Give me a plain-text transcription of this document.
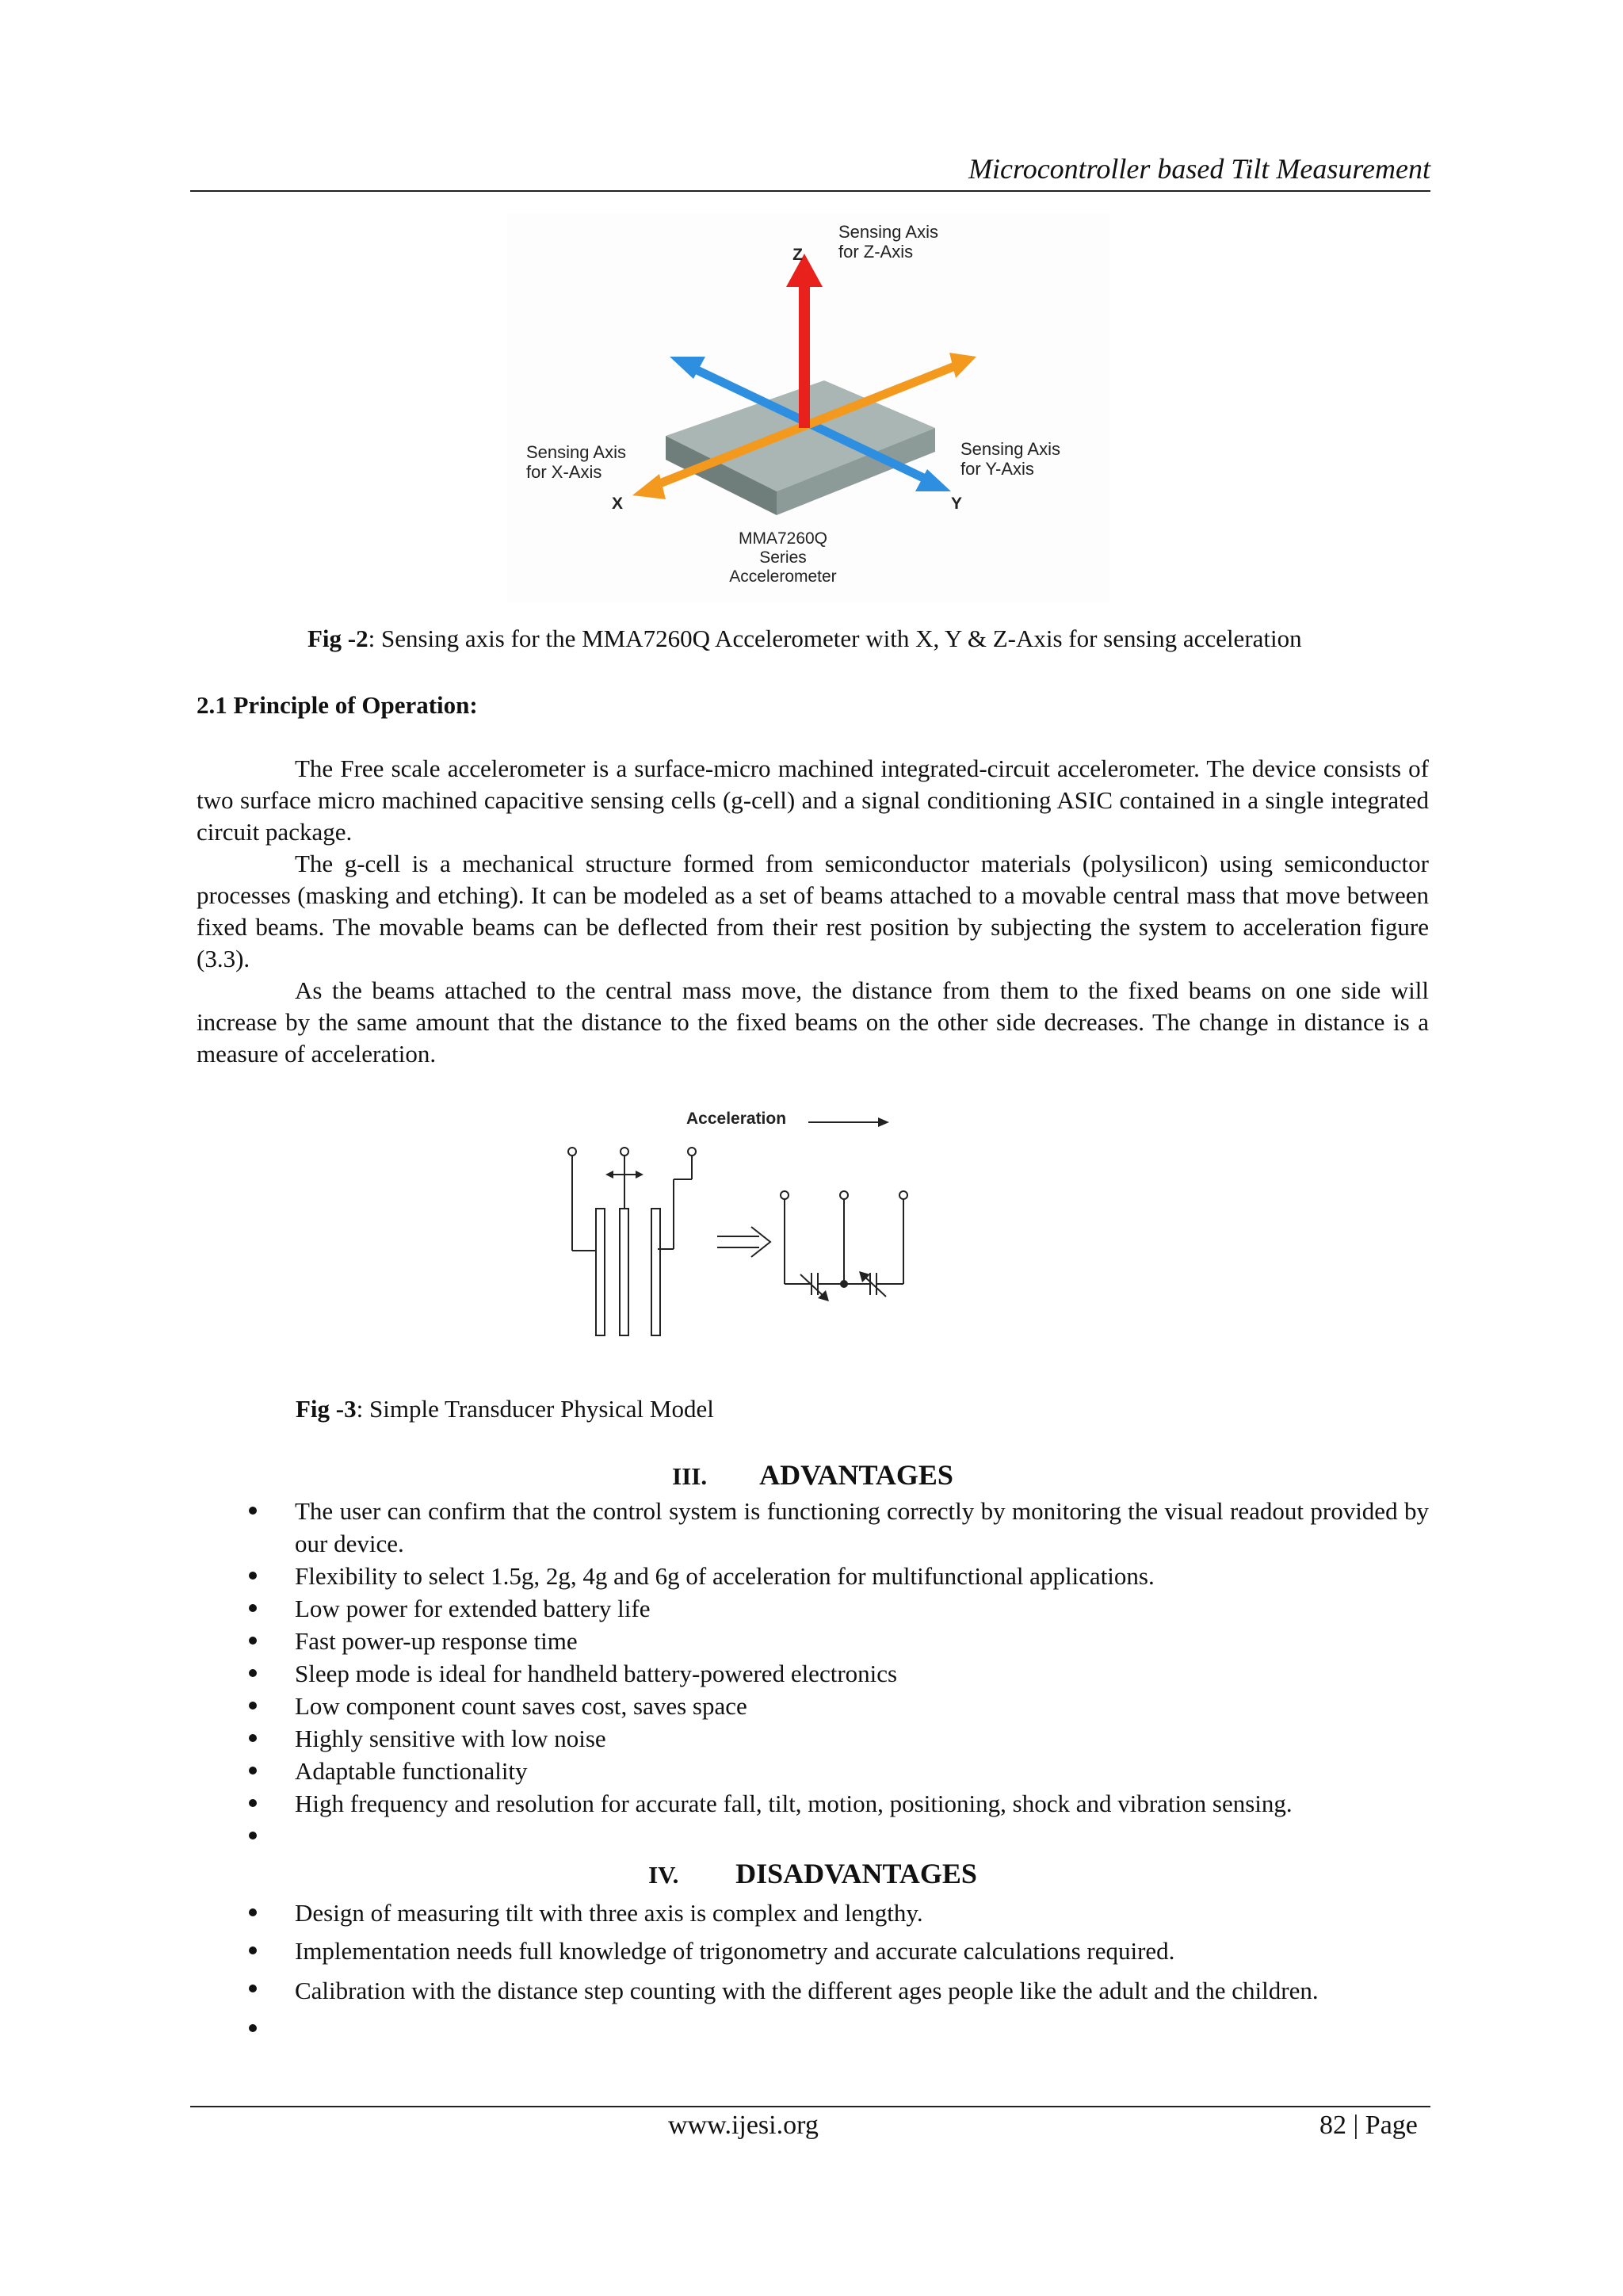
Microcontroller based Tilt Measurement
Z
Sensing Axis
for Z-Axis
Sensing Axis
for X-Axis
X
Sensing Axis
for Y-Axis
Y
MMA7260Q
Series
Accelerometer
Fig -2: Sensing axis for the MMA7260Q Accelerometer with X, Y & Z-Axis for sensing acceleration
2.1 Principle of Operation:

The Free scale accelerometer is a surface-micro machined integrated-circuit accelerometer. The device consists of two surface micro machined capacitive sensing cells (g-cell) and a signal conditioning ASIC contained in a single integrated circuit package.

The g-cell is a mechanical structure formed from semiconductor materials (polysilicon) using semiconductor processes (masking and etching). It can be modeled as a set of beams attached to a movable central mass that move between fixed beams. The movable beams can be deflected from their rest position by subjecting the system to acceleration figure (3.3).

As the beams attached to the central mass move, the distance from them to the fixed beams on one side will increase by the same amount that the distance to the fixed beams on the other side decreases. The change in distance is a measure of acceleration.

Acceleration
Fig -3: Simple Transducer Physical Model
III. ADVANTAGES
The user can confirm that the control system is functioning correctly by monitoring the visual readout provided by our device.
Flexibility to select 1.5g, 2g, 4g and 6g of acceleration for multifunctional applications.
Low power for extended battery life
Fast power-up response time
Sleep mode is ideal for handheld battery-powered electronics
Low component count saves cost, saves space
Highly sensitive with low noise
Adaptable functionality
High frequency and resolution for accurate fall, tilt, motion, positioning, shock and vibration sensing.
IV. DISADVANTAGES
Design of measuring tilt with three axis is complex and lengthy.
Implementation needs full knowledge of trigonometry and accurate calculations required.
Calibration with the distance step counting with the different ages people like the adult and the children.
www.ijesi.org	82 | Page
